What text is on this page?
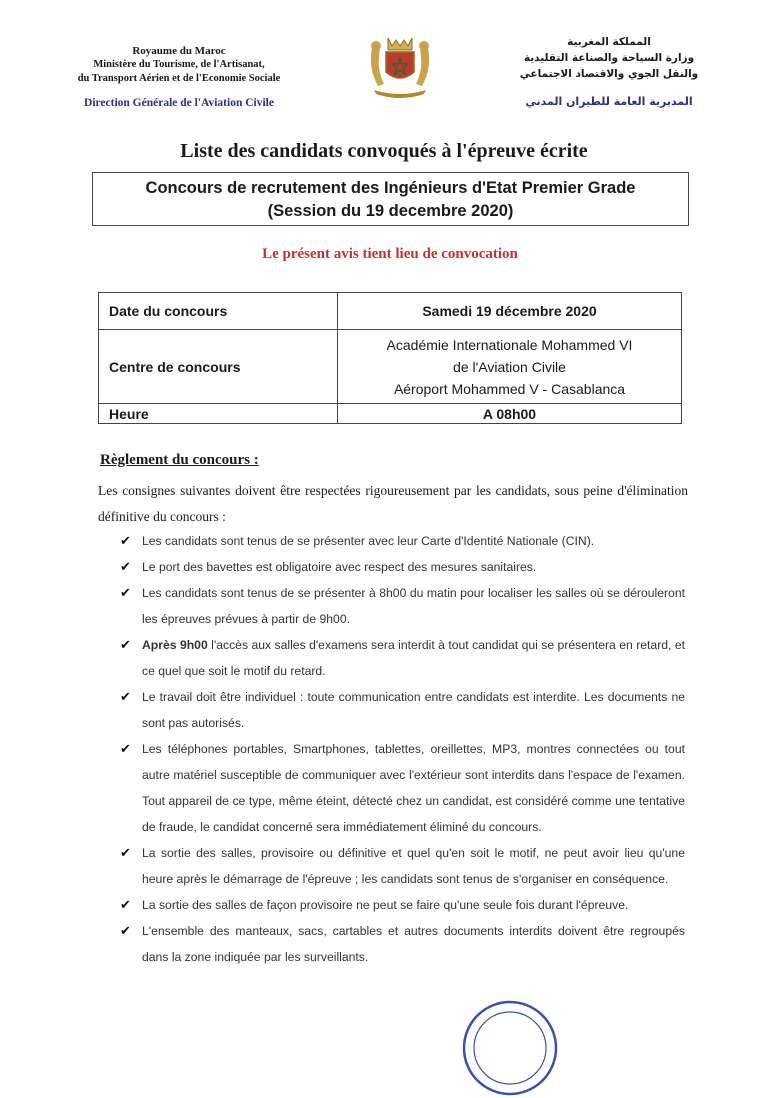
Royaume du Maroc
Ministère du Tourisme, de l'Artisanat,
du Transport Aérien et de l'Economie Sociale
Direction Générale de l'Aviation Civile
المملكة المغربية
وزارة السياحة والصناعة التقليدية
والنقل الجوي والاقتصاد الاجتماعي
المديرية العامة للطيران المدني
Liste des candidats convoqués à l'épreuve écrite
Concours de recrutement des Ingénieurs d'Etat Premier Grade
(Session du 19 decembre 2020)
Le présent avis tient lieu de convocation
Date du concours	Samedi 19 décembre 2020
Centre de concours	Académie Internationale Mohammed VI
de l'Aviation Civile
Aéroport Mohammed V - Casablanca

Heure	A 08h00
Règlement du concours :
Les consignes suivantes doivent être respectées rigoureusement par les candidats, sous peine d'élimination définitive du concours :
✔ Les candidats sont tenus de se présenter avec leur Carte d'Identité Nationale (CIN).
✔ Le port des bavettes est obligatoire avec respect des mesures sanitaires.
✔ Les candidats sont tenus de se présenter à 8h00 du matin pour localiser les salles où se dérouleront les épreuves prévues à partir de 9h00.
✔ Après 9h00 l'accès aux salles d'examens sera interdit à tout candidat qui se présentera en retard, et ce quel que soit le motif du retard.
✔ Le travail doit être individuel : toute communication entre candidats est interdite. Les documents ne sont pas autorisés.
✔ Les téléphones portables, Smartphones, tablettes, oreillettes, MP3, montres connectées ou tout autre matériel susceptible de communiquer avec l'extérieur sont interdits dans l'espace de l'examen. Tout appareil de ce type, même éteint, détecté chez un candidat, est considéré comme une tentative de fraude, le candidat concerné sera immédiatement éliminé du concours.
✔ La sortie des salles, provisoire ou définitive et quel qu'en soit le motif, ne peut avoir lieu qu'une heure après le démarrage de l'épreuve ; les candidats sont tenus de s'organiser en conséquence.
✔ La sortie des salles de façon provisoire ne peut se faire qu'une seule fois durant l'épreuve.
✔ L'ensemble des manteaux, sacs, cartables et autres documents interdits doivent être regroupés dans la zone indiquée par les surveillants.
